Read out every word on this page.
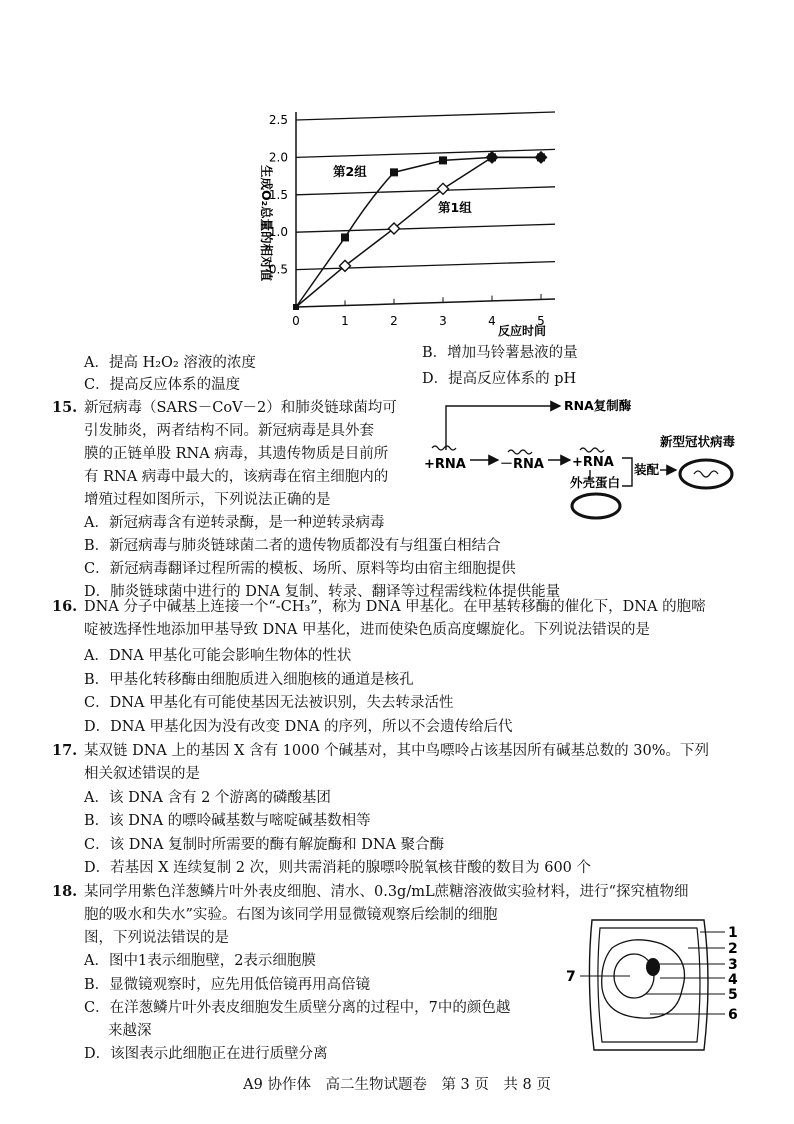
0.5
1.0
1.5
2.0
2.5
0	1	2	3	4	5
生成O₂总量的相对值
反应时间
第2组
第1组
A．提高 H₂O₂ 溶液的浓度
B．增加马铃薯悬液的量
C．提高反应体系的温度	D．提高反应体系的 pH
15. 新冠病毒（SARS－CoV－2）和肺炎链球菌均可
引发肺炎，两者结构不同。新冠病毒是具外套
膜的正链单股 RNA 病毒，其遗传物质是目前所
有 RNA 病毒中最大的，该病毒在宿主细胞内的
增殖过程如图所示，下列说法正确的是
A．新冠病毒含有逆转录酶，是一种逆转录病毒
B．新冠病毒与肺炎链球菌二者的遗传物质都没有与组蛋白相结合
C．新冠病毒翻译过程所需的模板、场所、原料等均由宿主细胞提供
D．肺炎链球菌中进行的 DNA 复制、转录、翻译等过程需线粒体提供能量
RNA复制酶
+RNA	－RNA +RNA 装配
外壳蛋白
新型冠状病毒
16. DNA 分子中碱基上连接一个“-CH₃”，称为 DNA 甲基化。在甲基转移酶的催化下，DNA 的胞嘧
啶被选择性地添加甲基导致 DNA 甲基化，进而使染色质高度螺旋化。下列说法错误的是
A．DNA 甲基化可能会影响生物体的性状
B．甲基化转移酶由细胞质进入细胞核的通道是核孔
C．DNA 甲基化有可能使基因无法被识别，失去转录活性
D．DNA 甲基化因为没有改变 DNA 的序列，所以不会遗传给后代
17. 某双链 DNA 上的基因 X 含有 1000 个碱基对，其中鸟嘌呤占该基因所有碱基总数的 30%。下列
相关叙述错误的是
A．该 DNA 含有 2 个游离的磷酸基团
B．该 DNA 的嘌呤碱基数与嘧啶碱基数相等
C．该 DNA 复制时所需要的酶有解旋酶和 DNA 聚合酶
D．若基因 X 连续复制 2 次，则共需消耗的腺嘌呤脱氧核苷酸的数目为 600 个
18. 某同学用紫色洋葱鳞片叶外表皮细胞、清水、0.3g/mL蔗糖溶液做实验材料，进行“探究植物细
胞的吸水和失水”实验。右图为该同学用显微镜观察后绘制的细胞
图，下列说法错误的是
A．图中1表示细胞壁，2表示细胞膜
B．显微镜观察时，应先用低倍镜再用高倍镜
C．在洋葱鳞片叶外表皮细胞发生质壁分离的过程中，7中的颜色越
来越深
D．该图表示此细胞正在进行质壁分离
1
2
3
4
5
6
7
A9 协作体　高二生物试题卷　第 3 页　共 8 页
